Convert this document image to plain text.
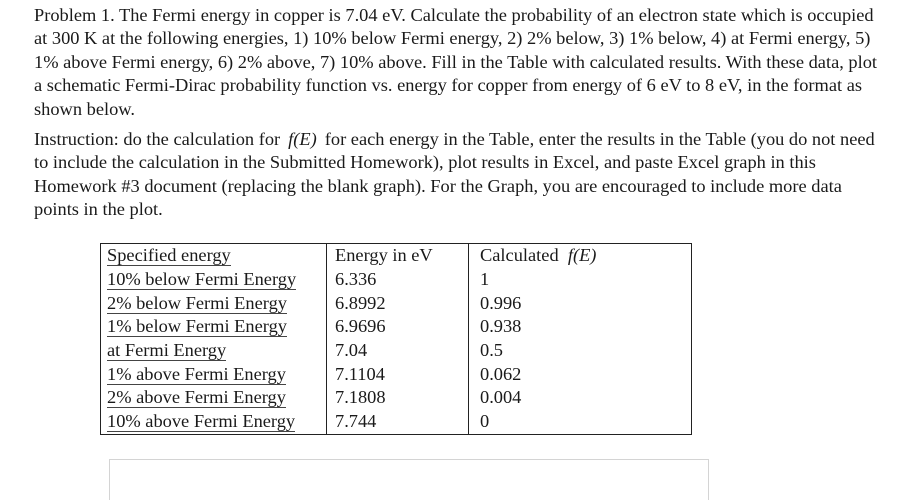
Problem 1. The Fermi energy in copper is 7.04 eV. Calculate the probability of an electron state which is occupied at 300 K at the following energies, 1) 10% below Fermi energy, 2) 2% below, 3) 1% below, 4) at Fermi energy, 5) 1% above Fermi energy, 6) 2% above, 7) 10% above. Fill in the Table with calculated results. With these data, plot a schematic Fermi-Dirac probability function vs. energy for copper from energy of 6 eV to 8 eV, in the format as shown below.

Instruction: do the calculation for f(E) for each energy in the Table, enter the results in the Table (you do not need to include the calculation in the Submitted Homework), plot results in Excel, and paste Excel graph in this Homework #3 document (replacing the blank graph). For the Graph, you are encouraged to include more data points in the plot.

Specified energy	Energy in eV	Calculated f(E)
10% below Fermi Energy	6.336	1
2% below Fermi Energy	6.8992	0.996
1% below Fermi Energy	6.9696	0.938
at Fermi Energy	7.04	0.5
1% above Fermi Energy	7.1104	0.062
2% above Fermi Energy	7.1808	0.004
10% above Fermi Energy	7.744	0
